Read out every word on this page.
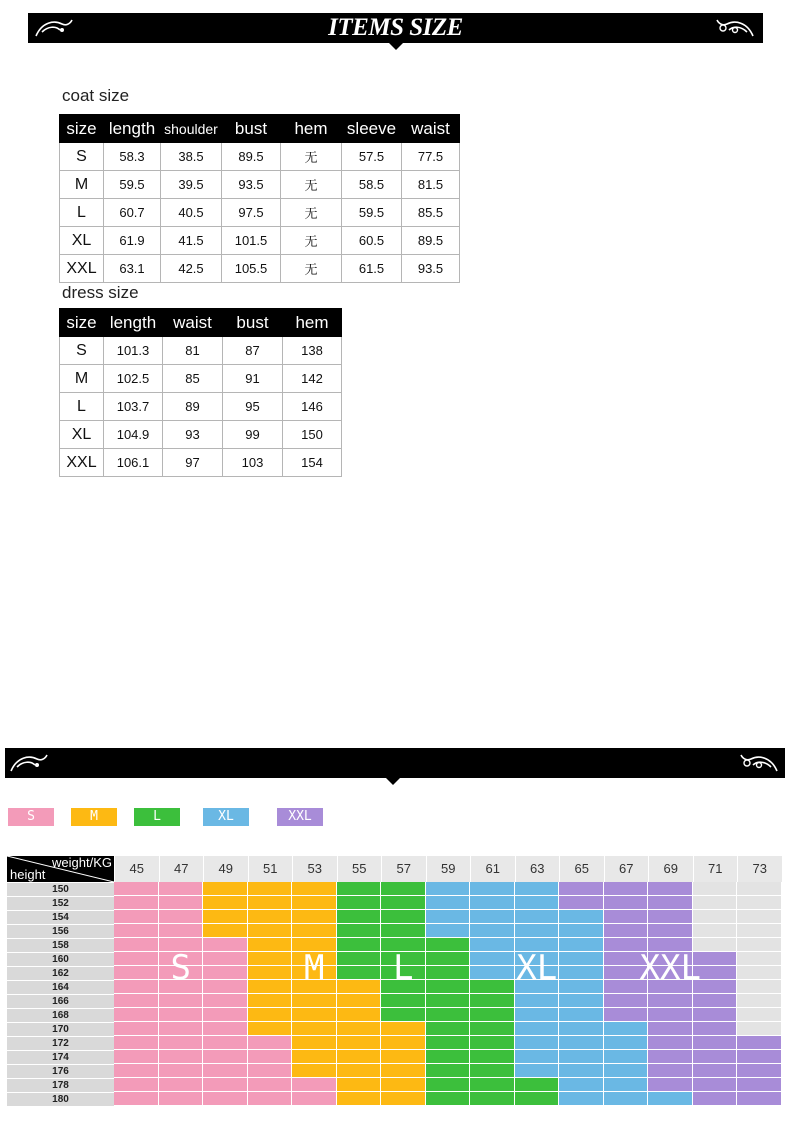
ITEMS SIZE
coat size
size	length	shoulder	bust	hem	sleeve	waist
S	58.3	38.5	89.5	无	57.5	77.5
M	59.5	39.5	93.5	无	58.5	81.5
L	60.7	40.5	97.5	无	59.5	85.5
XL	61.9	41.5	101.5	无	60.5	89.5
XXL	63.1	42.5	105.5	无	61.5	93.5
dress size
size	length	waist	bust	hem
S	101.3	81	87	138
M	102.5	85	91	142
L	103.7	89	95	146
XL	104.9	93	99	150
XXL	106.1	97	103	154
S	M	L	XL	XXL
weight/KG
height	45	47	49	51	53	55	57	59	61	63	65	67	69	71	73
150
152
154
156
158
160
162
164
166
168
170
172
174
176
178
180
S	M	L	XL	XXL
